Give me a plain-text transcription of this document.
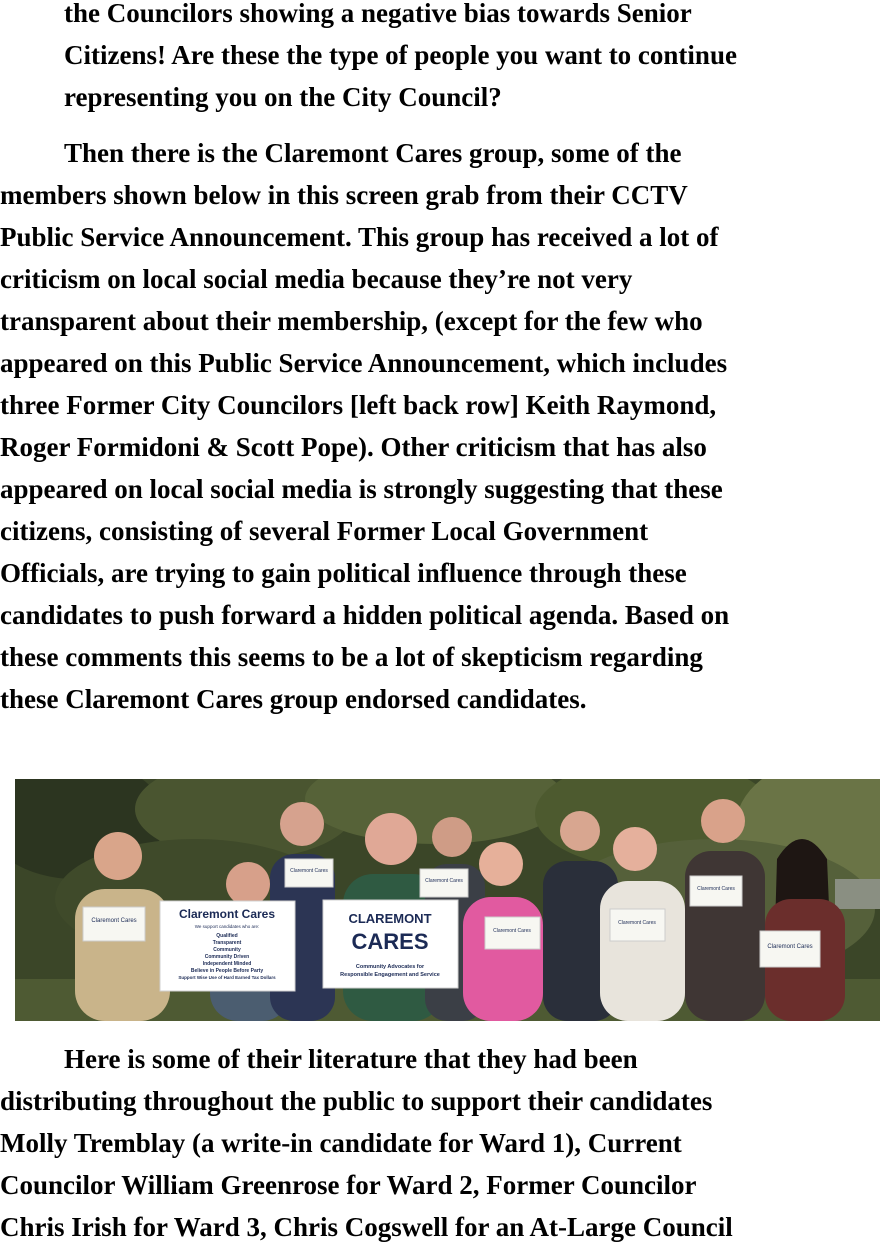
the Councilors showing a negative bias towards Senior

Citizens! Are these the type of people you want to continue

representing you on the City Council?

Then there is the Claremont Cares group, some of the

members shown below in this screen grab from their CCTV

Public Service Announcement. This group has received a lot of

criticism on local social media because they’re not very

transparent about their membership, (except for the few who

appeared on this Public Service Announcement, which includes

three Former City Councilors [left back row] Keith Raymond,

Roger Formidoni & Scott Pope). Other criticism that has also

appeared on local social media is strongly suggesting that these

citizens, consisting of several Former Local Government

Officials, are trying to gain political influence through these

candidates to push forward a hidden political agenda. Based on

these comments this seems to be a lot of skepticism regarding

these Claremont Cares group endorsed candidates.

Claremont Cares
Claremont Cares
Claremont Cares
Claremont Cares
Claremont Cares
Claremont Cares
Claremont Cares
Claremont Cares
We support candidates who are:
Qualified
Transparent
Community
Community Driven
Independent Minded
Believe in People Before Party
Support Wise Use of Hard Earned Tax Dollars
CLAREMONT
CARES
Community Advocates for
Responsible Engagement and Service

Here is some of their literature that they had been

distributing throughout the public to support their candidates

Molly Tremblay (a write-in candidate for Ward 1), Current

Councilor William Greenrose for Ward 2, Former Councilor

Chris Irish for Ward 3, Chris Cogswell for an At-Large Council
